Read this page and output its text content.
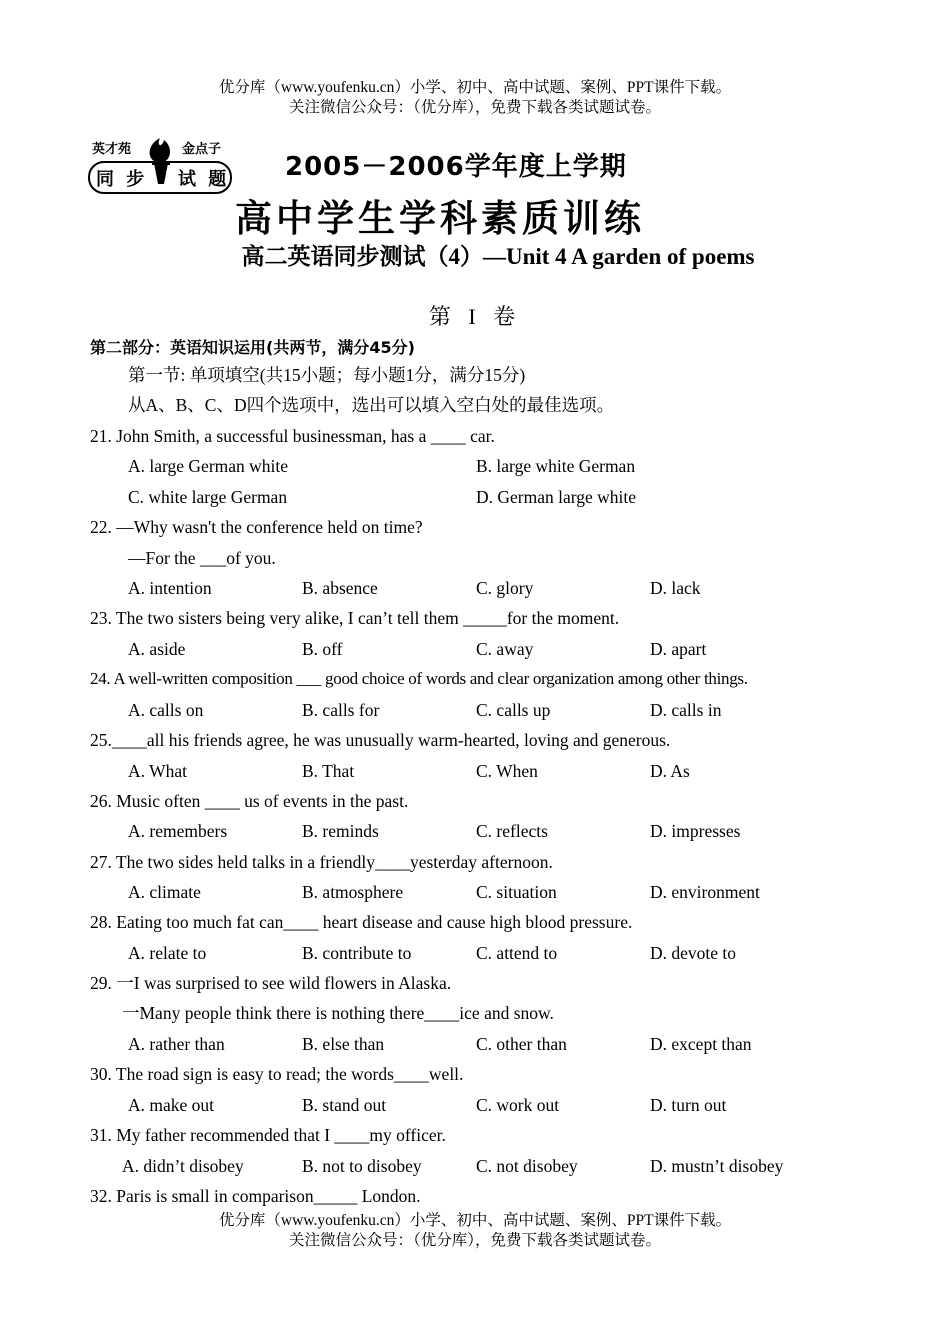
优分库（www.youfenku.cn）小学、初中、高中试题、案例、PPT课件下载。
关注微信公众号：（优分库），免费下载各类试题试卷。
英才苑	金点子
同 步 试 题 2005－2006学年度上学期
高中学生学科素质训练
高二英语同步测试（4）—Unit 4 A garden of poems
第 I 卷
第二部分：英语知识运用(共两节，满分45分)
第一节: 单项填空(共15小题；每小题1分，满分15分)
从A、B、C、D四个选项中，选出可以填入空白处的最佳选项。
21. John Smith, a successful businessman, has a ____ car.
A. large German white	B. large white German
C. white large German	D. German large white
22. —Why wasn't the conference held on time?
—For the ___of you.
A. intention	B. absence	C. glory	D. lack
23. The two sisters being very alike, I can’t tell them _____for the moment.
A. aside	B. off	C. away	D. apart
24. A well-written composition ___ good choice of words and clear organization among other things.
A. calls on	B. calls for	C. calls up	D. calls in
25.____all his friends agree, he was unusually warm-hearted, loving and generous.
A. What	B. That	C. When	D. As
26. Music often ____ us of events in the past.
A. remembers	B. reminds	C. reflects	D. impresses
27. The two sides held talks in a friendly____yesterday afternoon.
A. climate	B. atmosphere	C. situation	D. environment
28. Eating too much fat can____ heart disease and cause high blood pressure.
A. relate to	B. contribute to	C. attend to	D. devote to
29. 一I was surprised to see wild flowers in Alaska.
一Many people think there is nothing there____ice and snow.
A. rather than	B. else than	C. other than	D. except than
30. The road sign is easy to read; the words____well.
A. make out	B. stand out	C. work out	D. turn out
31. My father recommended that I ____my officer.
A. didn’t disobey	B. not to disobey	C. not disobey	D. mustn’t disobey
32. Paris is small in comparison_____ London.
优分库（www.youfenku.cn）小学、初中、高中试题、案例、PPT课件下载。
关注微信公众号：（优分库），免费下载各类试题试卷。
